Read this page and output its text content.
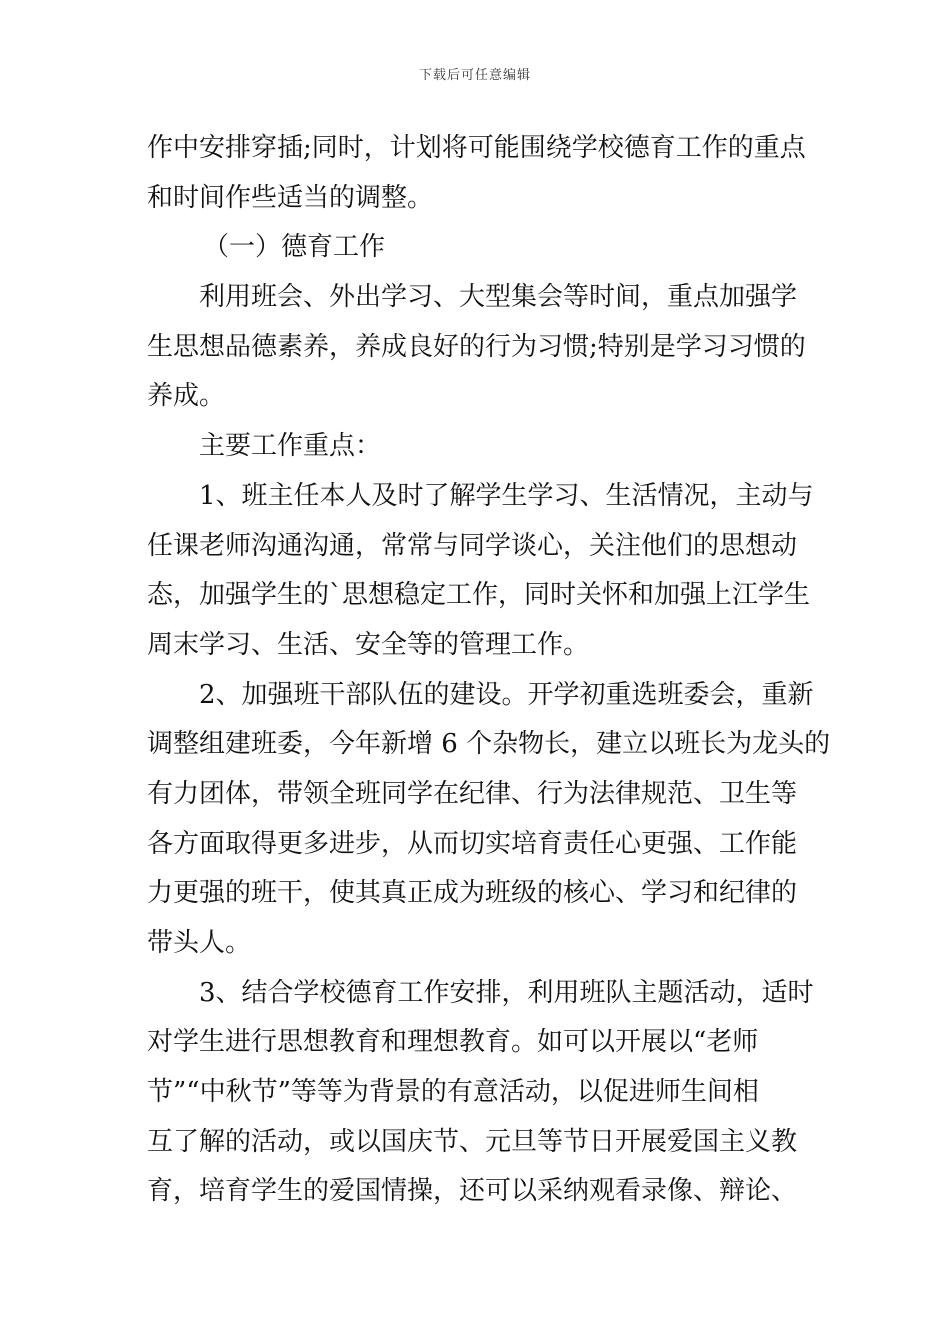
下载后可任意编辑
作中安排穿插;同时，计划将可能围绕学校德育工作的重点
和时间作些适当的调整。
（一）德育工作
利用班会、外出学习、大型集会等时间，重点加强学
生思想品德素养，养成良好的行为习惯;特别是学习习惯的
养成。
主要工作重点：
1、班主任本人及时了解学生学习、生活情况，主动与
任课老师沟通沟通，常常与同学谈心，关注他们的思想动
态，加强学生的`思想稳定工作，同时关怀和加强上江学生
周末学习、生活、安全等的管理工作。
2、加强班干部队伍的建设。开学初重选班委会，重新
调整组建班委，今年新增 6 个杂物长，建立以班长为龙头的
有力团体，带领全班同学在纪律、行为法律规范、卫生等
各方面取得更多进步，从而切实培育责任心更强、工作能
力更强的班干，使其真正成为班级的核心、学习和纪律的
带头人。
3、结合学校德育工作安排，利用班队主题活动，适时
对学生进行思想教育和理想教育。如可以开展以“老师
节”“中秋节”等等为背景的有意活动，以促进师生间相
互了解的活动，或以国庆节、元旦等节日开展爱国主义教
育，培育学生的爱国情操，还可以采纳观看录像、辩论、
